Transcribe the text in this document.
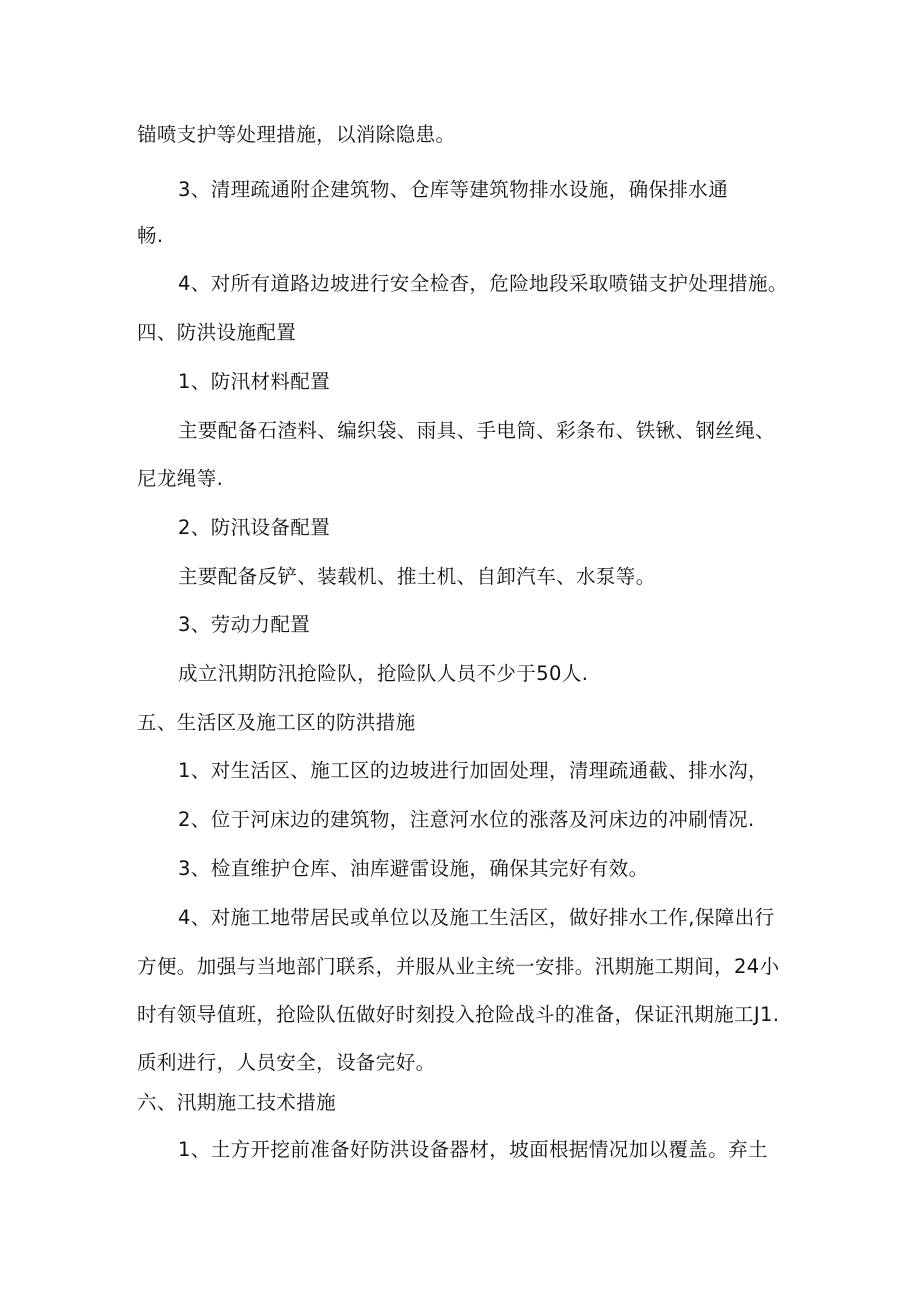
锚喷支护等处理措施，以消除隐患。
3、清理疏通附企建筑物、仓库等建筑物排水设施，确保排水通
畅.
4、对所有道路边坡进行安全检杳，危险地段采取喷锚支护处理措施。
四、防洪设施配置
1、防汛材料配置
主要配备石渣料、编织袋、雨具、手电筒、彩条布、铁锹、钢丝绳、
尼龙绳等.
2、防汛设备配置
主要配备反铲、装载机、推土机、自卸汽车、水泵等。
3、劳动力配置
成立汛期防汛抢险队，抢险队人员不少于50人.
五、生活区及施工区的防洪措施
1、对生活区、施工区的边坡进行加固处理，清理疏通截、排水沟，
2、位于河床边的建筑物，注意河水位的涨落及河床边的冲刷情况.
3、检直维护仓库、油库避雷设施，确保其完好有效。
4、对施工地带居民或单位以及施工生活区，做好排水工作,保障出行
方便。加强与当地部门联系，并服从业主统一安排。汛期施工期间，24小
时有领导值班，抢险队伍做好时刻投入抢险战斗的准备，保证汛期施工J1.
质利进行，人员安全，设备完好。
六、汛期施工技术措施
1、土方开挖前准备好防洪设备器材，坡面根据情况加以覆盖。弃土
